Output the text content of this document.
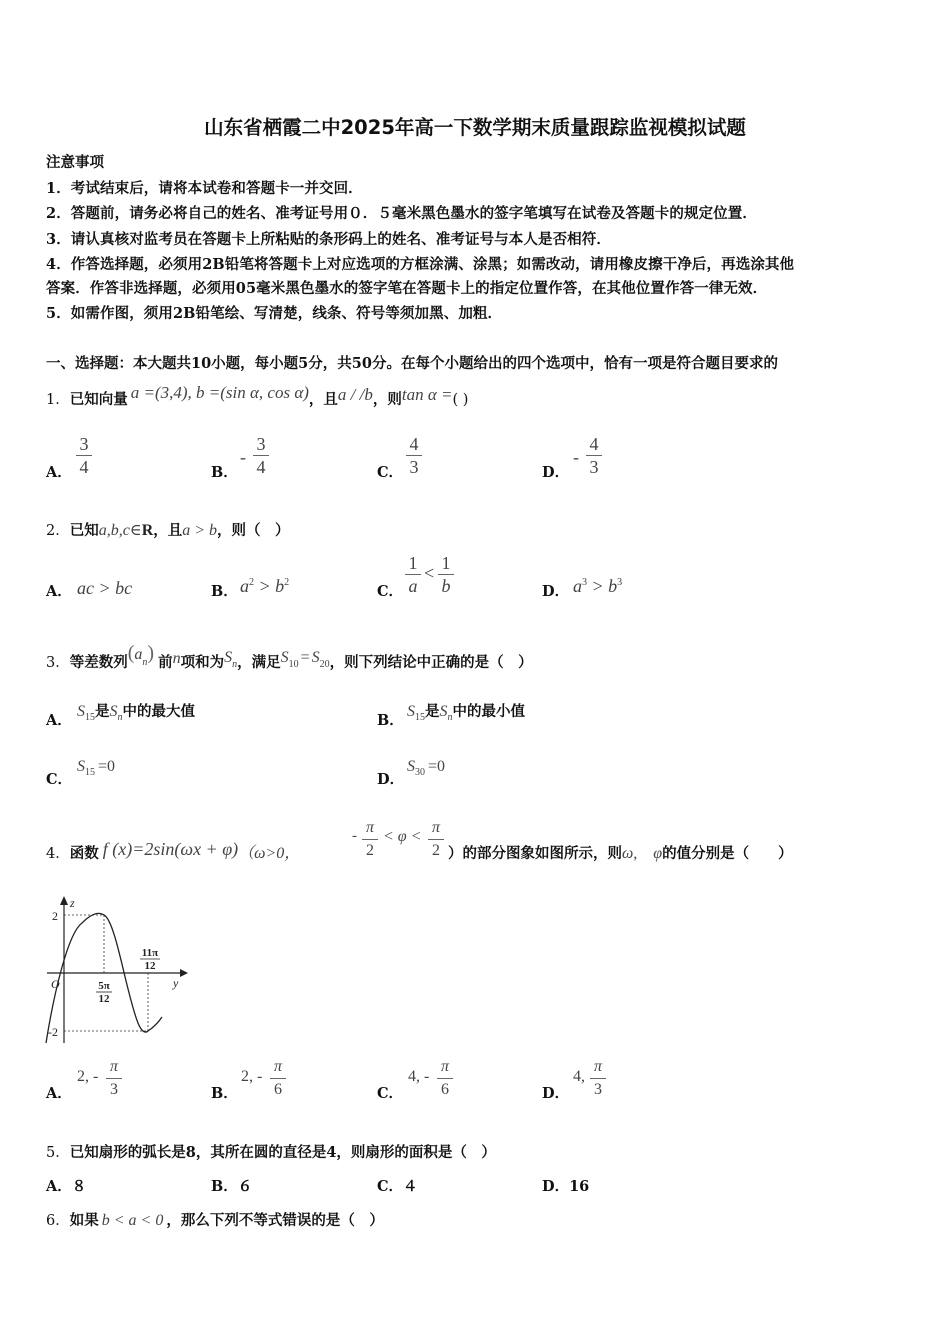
山东省栖霞二中2025年高一下数学期末质量跟踪监视模拟试题
注意事项
1．考试结束后，请将本试卷和答题卡一并交回．
2．答题前，请务必将自己的姓名、准考证号用０．５毫米黑色墨水的签字笔填写在试卷及答题卡的规定位置．
3．请认真核对监考员在答题卡上所粘贴的条形码上的姓名、准考证号与本人是否相符．
4．作答选择题，必须用2B铅笔将答题卡上对应选项的方框涂满、涂黑；如需改动，请用橡皮擦干净后，再选涂其他
答案．作答非选择题，必须用05毫米黑色墨水的签字笔在答题卡上的指定位置作答，在其他位置作答一律无效．
5．如需作图，须用2B铅笔绘、写清楚，线条、符号等须加黑、加粗．
一、选择题：本大题共10小题，每小题5分，共50分。在每个小题给出的四个选项中，恰有一项是符合题目要求的
1．已知向量 a =(3,4), b =(sin α, cos α)，且a / /b，则tan α =( )
A．
3
4	B．
-
3
4	C．
4
3	D．
-
4
3
2．已知a,b,c∈R，且a > b，则（　）
A． ac > bc	B． $a^2 > b^2$
C．
1
a
< 1
b	D． $a^3 > b^3$
3．等差数列$(a_n)$ 前n项和为$S_n$，满足$S_{10} = S_{20}$，则下列结论中正确的是（　）
A．
$S_{15}$是$S_n$中的最大值
B．
$S_{15}$是$S_n$中的最小值
C．
$S_{15} =0$
D．
$S_{30} =0$
4．函数 f (x)=2sin(ωx + φ)（ω>0，
- π
2
< φ <
π
2 ）的部分图象如图所示，则ω,　φ的值分别是（　　）
z
y
O
2
-2
5π
12
11π
12
A．
2, -
π
3	B．
2, -
π
6	C．
4, -
π
6	D．
4,
π
3
5．已知扇形的弧长是8，其所在圆的直径是4，则扇形的面积是（　）
A．８	B．６	C．４	D．16
6．如果 b < a < 0 ，那么下列不等式错误的是（　）
